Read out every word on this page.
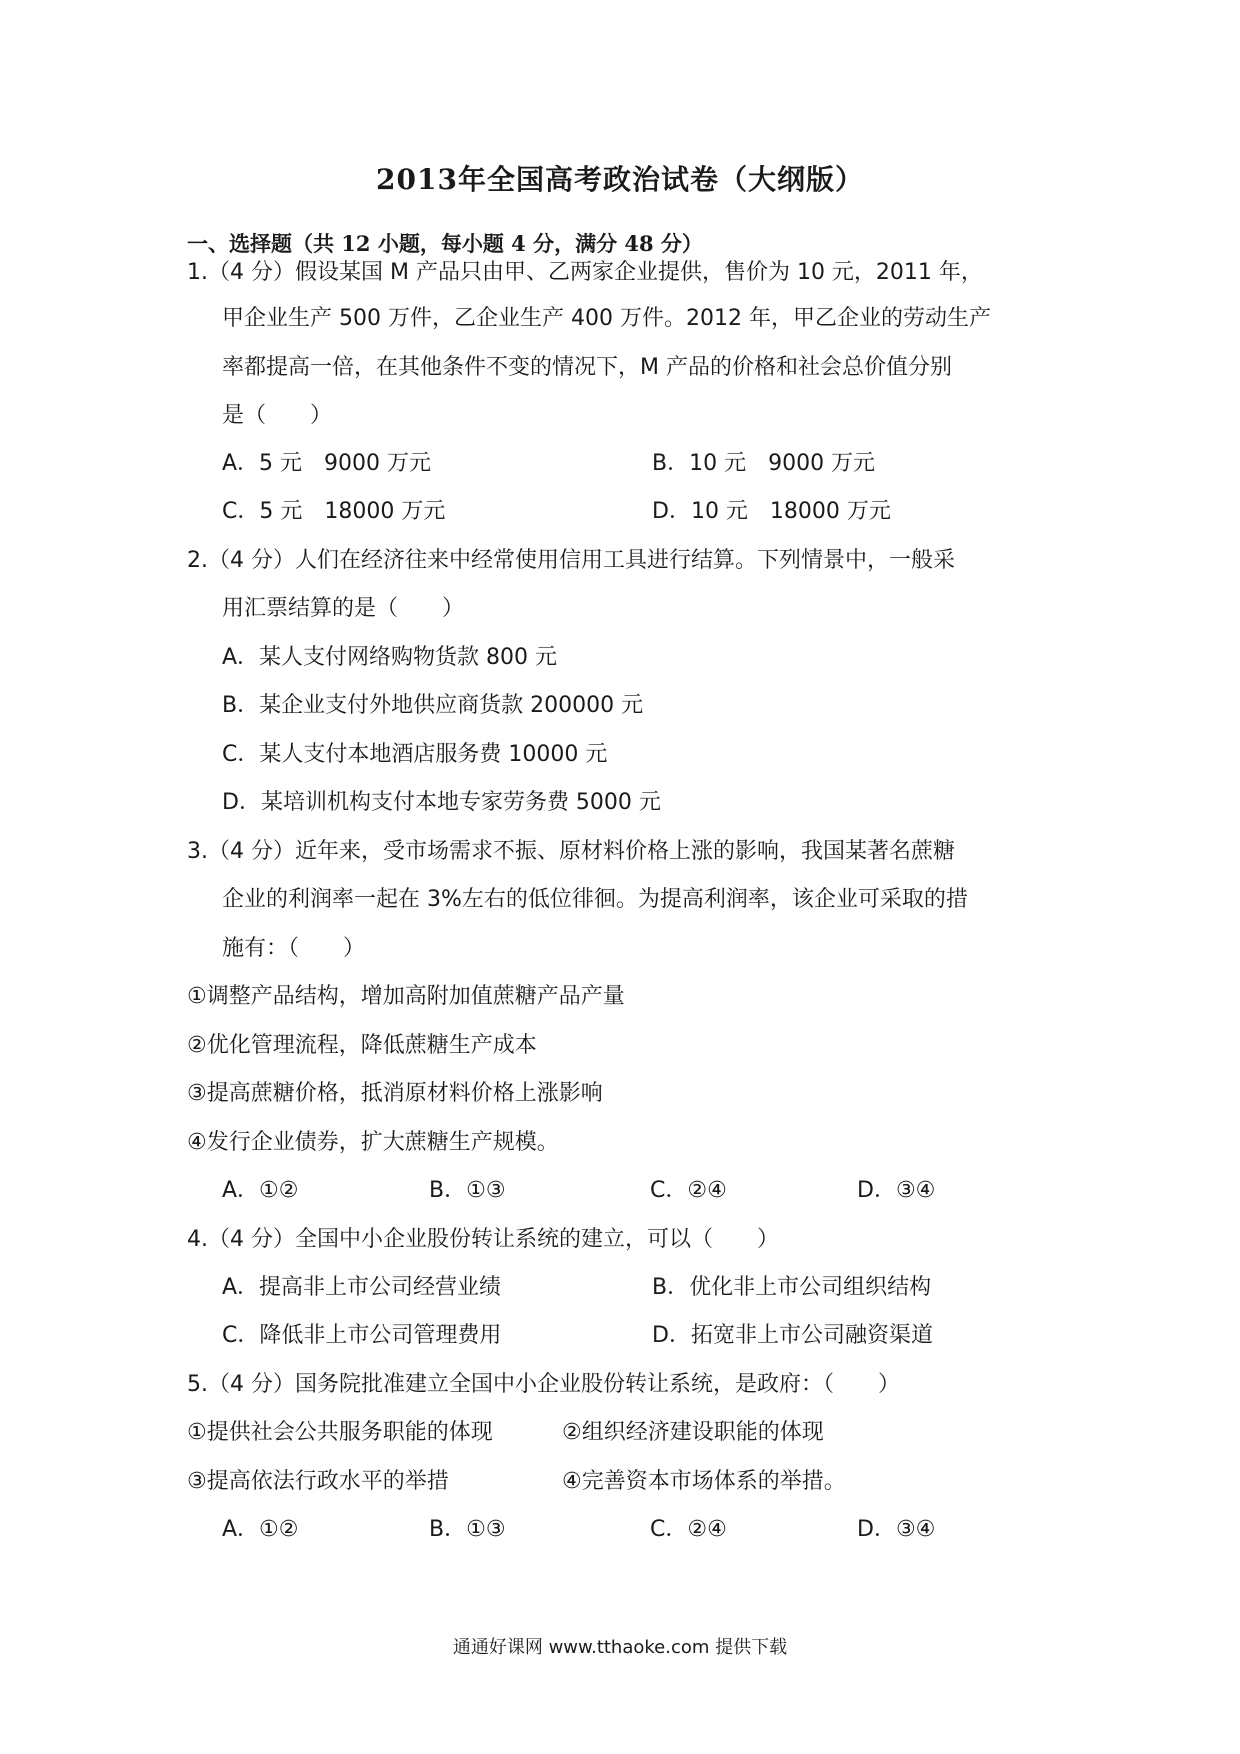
2013年全国高考政治试卷（大纲版）
一、选择题（共 12 小题，每小题 4 分，满分 48 分）
1.（4 分）假设某国 M 产品只由甲、乙两家企业提供，售价为 10 元，2011 年，
甲企业生产 500 万件，乙企业生产 400 万件。2012 年，甲乙企业的劳动生产
率都提高一倍，在其他条件不变的情况下，M 产品的价格和社会总价值分别
是（　　）
A．5 元　9000 万元	B．10 元　9000 万元
C．5 元　18000 万元	D．10 元　18000 万元
2.（4 分）人们在经济往来中经常使用信用工具进行结算。下列情景中，一般采
用汇票结算的是（　　）
A．某人支付网络购物货款 800 元
B．某企业支付外地供应商货款 200000 元
C．某人支付本地酒店服务费 10000 元
D．某培训机构支付本地专家劳务费 5000 元
3.（4 分）近年来，受市场需求不振、原材料价格上涨的影响，我国某著名蔗糖
企业的利润率一起在 3%左右的低位徘徊。为提高利润率，该企业可采取的措
施有：（　　）
①调整产品结构，增加高附加值蔗糖产品产量
②优化管理流程，降低蔗糖生产成本
③提高蔗糖价格，抵消原材料价格上涨影响
④发行企业债券，扩大蔗糖生产规模。
A．①②	B．①③	C．②④	D．③④
4.（4 分）全国中小企业股份转让系统的建立，可以（　　）
A．提高非上市公司经营业绩	B．优化非上市公司组织结构
C．降低非上市公司管理费用	D．拓宽非上市公司融资渠道
5.（4 分）国务院批准建立全国中小企业股份转让系统，是政府：（　　）
①提供社会公共服务职能的体现	②组织经济建设职能的体现
③提高依法行政水平的举措	④完善资本市场体系的举措。
A．①②	B．①③	C．②④	D．③④
通通好课网 www.tthaoke.com 提供下载
